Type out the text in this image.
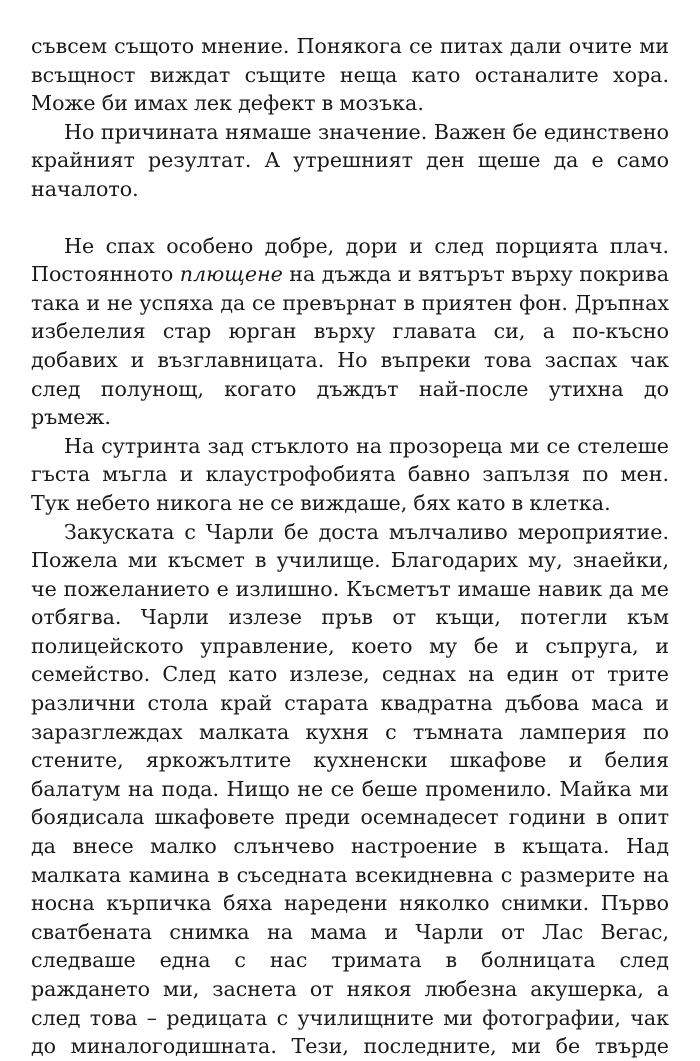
съвсем същото мнение. Понякога се питах дали очите ми всъщност виждат същите неща като останалите хора. Може би имах лек дефект в мозъка.

Но причината нямаше значение. Важен бе единствено крайният резултат. А утрешният ден щеше да е само началото.

Не спах особено добре, дори и след порцията плач. Постоянното плющене на дъжда и вятърът върху покрива така и не успяха да се превърнат в приятен фон. Дръпнах избелелия стар юрган върху главата си, а по-късно добавих и възглавницата. Но въпреки това заспах чак след полунощ, когато дъждът най-после утихна до ръмеж.

На сутринта зад стъклото на прозореца ми се стелеше гъста мъгла и клаустрофобията бавно запълзя по мен. Тук небето никога не се виждаше, бях като в клетка.

Закуската с Чарли бе доста мълчаливо мероприятие. Пожела ми късмет в училище. Благодарих му, знаейки, че пожеланието е излишно. Късметът имаше навик да ме отбягва. Чарли излезе пръв от къщи, потегли към полицейското управление, което му бе и съпруга, и семейство. След като излезе, седнах на един от трите различни стола край старата квадратна дъбова маса и заразглеждах малката кухня с тъмната ламперия по стените, яркожълтите кухненски шкафове и белия балатум на пода. Нищо не се беше променило. Майка ми боядисала шкафовете преди осемнадесет години в опит да внесе малко слънчево настроение в къщата. Над малката камина в съседната всекидневна с размерите на носна кърпичка бяха наредени няколко снимки. Първо сватбената снимка на мама и Чарли от Лас Вегас, следваше една с нас тримата в болницата след раждането ми, заснета от някоя любезна акушерка, а след това – редицата с училищните ми фотографии, чак до миналогодишната. Тези, последните, ми бе твърде
